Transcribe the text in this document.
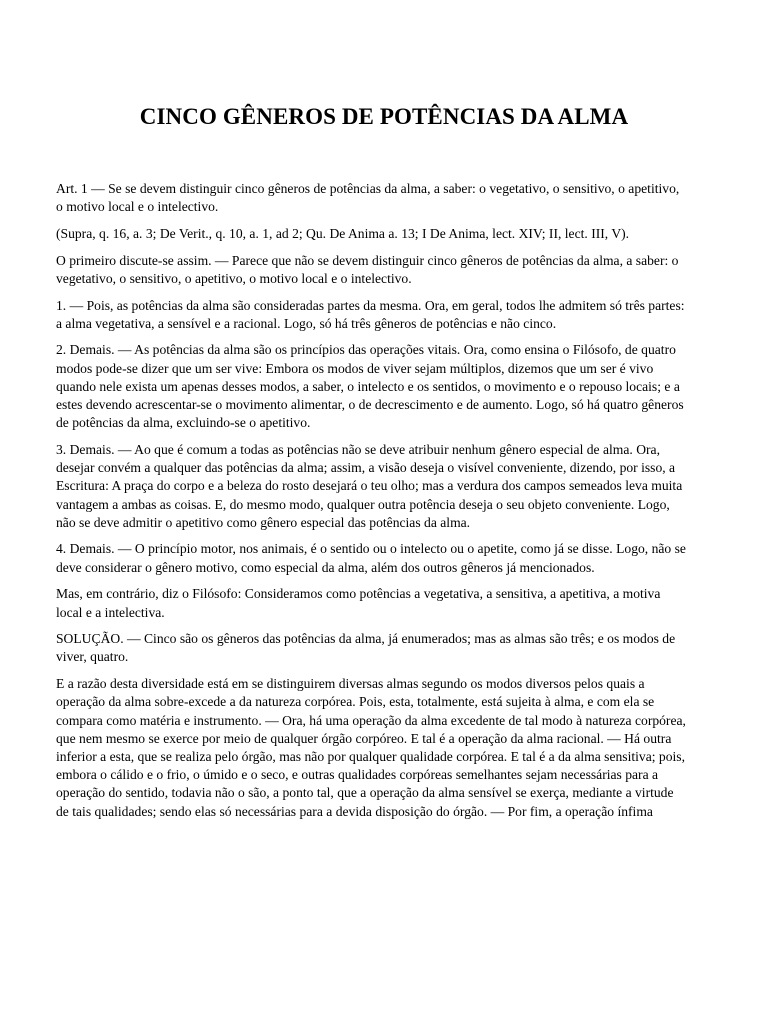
CINCO GÊNEROS DE POTÊNCIAS DA ALMA

Art. 1 — Se se devem distinguir cinco gêneros de potências da alma, a saber: o vegetativo, o sensitivo, o apetitivo, o motivo local e o intelectivo.

(Supra, q. 16, a. 3; De Verit., q. 10, a. 1, ad 2; Qu. De Anima a. 13; I De Anima, lect. XIV; II, lect. III, V).

O primeiro discute-se assim. — Parece que não se devem distinguir cinco gêneros de potências da alma, a saber: o vegetativo, o sensitivo, o apetitivo, o motivo local e o intelectivo.

1. — Pois, as potências da alma são consideradas partes da mesma. Ora, em geral, todos lhe admitem só três partes: a alma vegetativa, a sensível e a racional. Logo, só há três gêneros de potências e não cinco.

2. Demais. — As potências da alma são os princípios das operações vitais. Ora, como ensina o Filósofo, de quatro modos pode-se dizer que um ser vive: Embora os modos de viver sejam múltiplos, dizemos que um ser é vivo quando nele exista um apenas desses modos, a saber, o intelecto e os sentidos, o movimento e o repouso locais; e a estes devendo acrescentar-se o movimento alimentar, o de decrescimento e de aumento. Logo, só há quatro gêneros de potências da alma, excluindo-se o apetitivo.

3. Demais. — Ao que é comum a todas as potências não se deve atribuir nenhum gênero especial de alma. Ora, desejar convém a qualquer das potências da alma; assim, a visão deseja o visível conveniente, dizendo, por isso, a Escritura: A praça do corpo e a beleza do rosto desejará o teu olho; mas a verdura dos campos semeados leva muita vantagem a ambas as coisas. E, do mesmo modo, qualquer outra potência deseja o seu objeto conveniente. Logo, não se deve admitir o apetitivo como gênero especial das potências da alma.

4. Demais. — O princípio motor, nos animais, é o sentido ou o intelecto ou o apetite, como já se disse. Logo, não se deve considerar o gênero motivo, como especial da alma, além dos outros gêneros já mencionados.

Mas, em contrário, diz o Filósofo: Consideramos como potências a vegetativa, a sensitiva, a apetitiva, a motiva local e a intelectiva.

SOLUÇÃO. — Cinco são os gêneros das potências da alma, já enumerados; mas as almas são três; e os modos de viver, quatro.

E a razão desta diversidade está em se distinguirem diversas almas segundo os modos diversos pelos quais a operação da alma sobre-excede a da natureza corpórea. Pois, esta, totalmente, está sujeita à alma, e com ela se compara como matéria e instrumento. — Ora, há uma operação da alma excedente de tal modo à natureza corpórea, que nem mesmo se exerce por meio de qualquer órgão corpóreo. E tal é a operação da alma racional. — Há outra inferior a esta, que se realiza pelo órgão, mas não por qualquer qualidade corpórea. E tal é a da alma sensitiva; pois, embora o cálido e o frio, o úmido e o seco, e outras qualidades corpóreas semelhantes sejam necessárias para a operação do sentido, todavia não o são, a ponto tal, que a operação da alma sensível se exerça, mediante a virtude de tais qualidades; sendo elas só necessárias para a devida disposição do órgão. — Por fim, a operação ínfima
